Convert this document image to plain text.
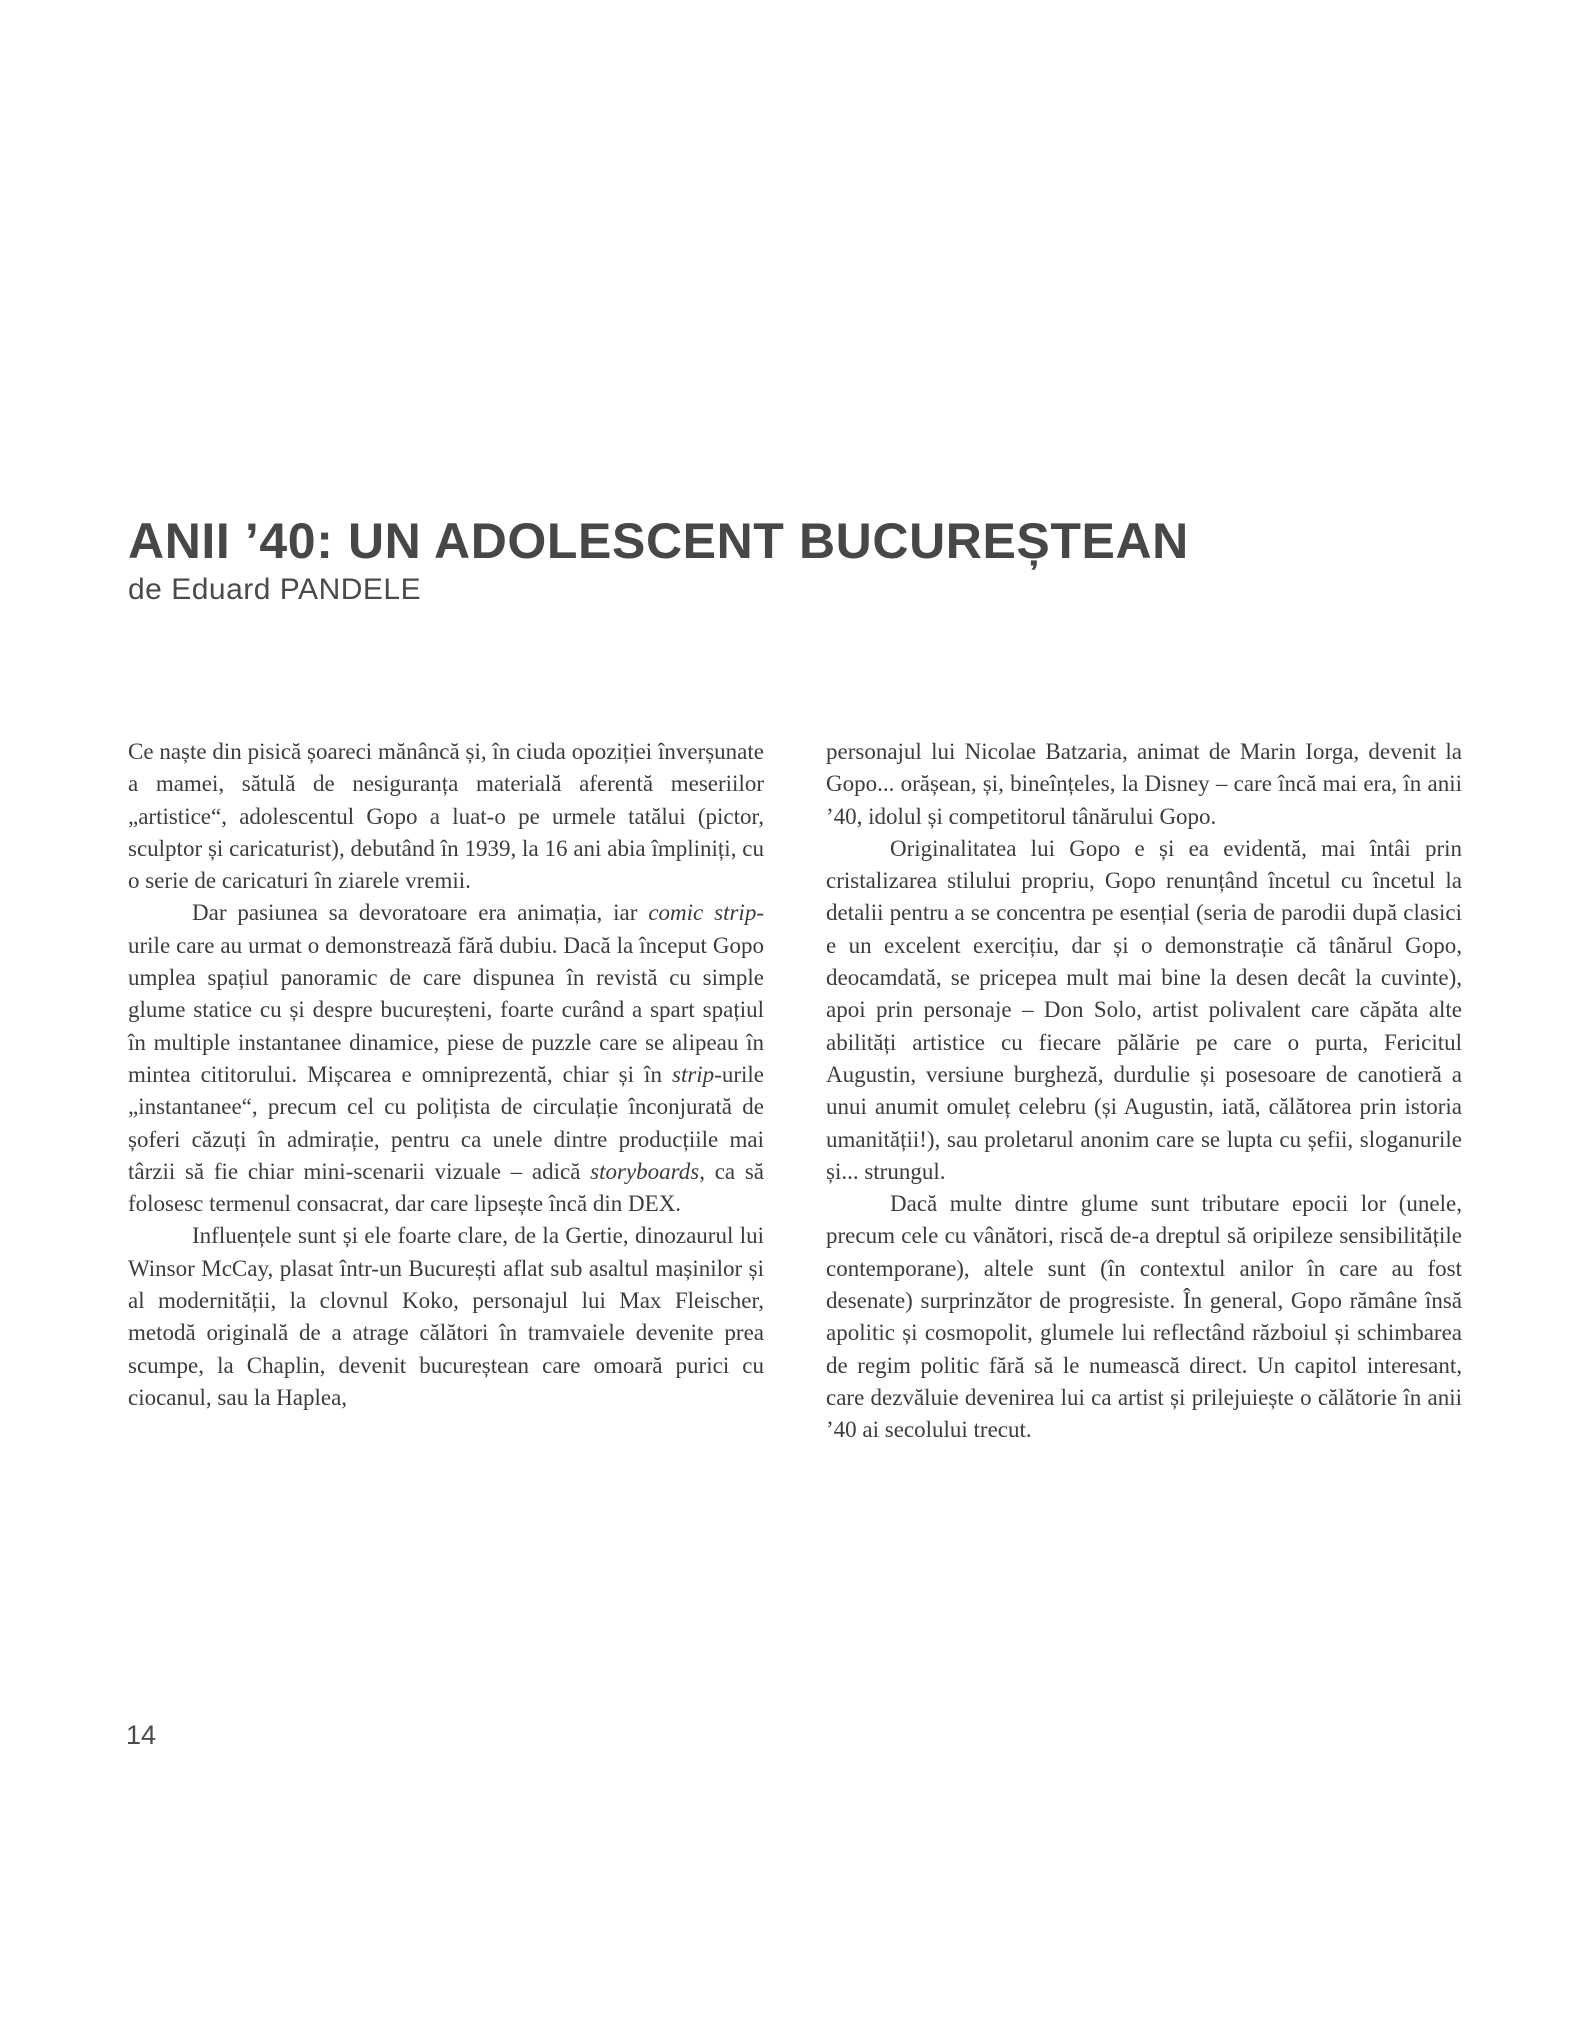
ANII ’40: UN ADOLESCENT BUCUREȘTEAN

de Eduard PANDELE

Ce naște din pisică șoareci mănâncă și, în ciuda opoziției înverșunate a mamei, sătulă de nesiguranța materială aferentă meseriilor „artistice“, adolescentul Gopo a luat-o pe urmele tatălui (pictor, sculptor și caricaturist), debutând în 1939, la 16 ani abia împliniți, cu o serie de caricaturi în ziarele vremii.

Dar pasiunea sa devoratoare era animația, iar comic strip-urile care au urmat o demonstrează fără dubiu. Dacă la început Gopo umplea spațiul panoramic de care dispunea în revistă cu simple glume statice cu și despre bucureșteni, foarte curând a spart spațiul în multiple instantanee dinamice, piese de puzzle care se alipeau în mintea cititorului. Mișcarea e omniprezentă, chiar și în strip-urile „instantanee“, precum cel cu polițista de circulație înconjurată de șoferi căzuți în admirație, pentru ca unele dintre producțiile mai târzii să fie chiar mini-scenarii vizuale – adică storyboards, ca să folosesc termenul consacrat, dar care lipsește încă din DEX.

Influențele sunt și ele foarte clare, de la Gertie, dinozaurul lui Winsor McCay, plasat într-un București aflat sub asaltul mașinilor și al modernității, la clovnul Koko, personajul lui Max Fleischer, metodă originală de a atrage călători în tramvaiele devenite prea scumpe, la Chaplin, devenit bucureștean care omoară purici cu ciocanul, sau la Haplea,

personajul lui Nicolae Batzaria, animat de Marin Iorga, devenit la Gopo... orășean, și, bineînțeles, la Disney – care încă mai era, în anii ’40, idolul și competitorul tânărului Gopo.

Originalitatea lui Gopo e și ea evidentă, mai întâi prin cristalizarea stilului propriu, Gopo renunțând încetul cu încetul la detalii pentru a se concentra pe esențial (seria de parodii după clasici e un excelent exercițiu, dar și o demonstrație că tânărul Gopo, deocamdată, se pricepea mult mai bine la desen decât la cuvinte), apoi prin personaje – Don Solo, artist polivalent care căpăta alte abilități artistice cu fiecare pălărie pe care o purta, Fericitul Augustin, versiune burgheză, durdulie și posesoare de canotieră a unui anumit omuleț celebru (și Augustin, iată, călătorea prin istoria umanității!), sau proletarul anonim care se lupta cu șefii, sloganurile și... strungul.

Dacă multe dintre glume sunt tributare epocii lor (unele, precum cele cu vânători, riscă de-a dreptul să oripileze sensibilitățile contemporane), altele sunt (în contextul anilor în care au fost desenate) surprinzător de progresiste. În general, Gopo rămâne însă apolitic și cosmopolit, glumele lui reflectând războiul și schimbarea de regim politic fără să le numească direct. Un capitol interesant, care dezvăluie devenirea lui ca artist și prilejuiește o călătorie în anii ’40 ai secolului trecut.

14
